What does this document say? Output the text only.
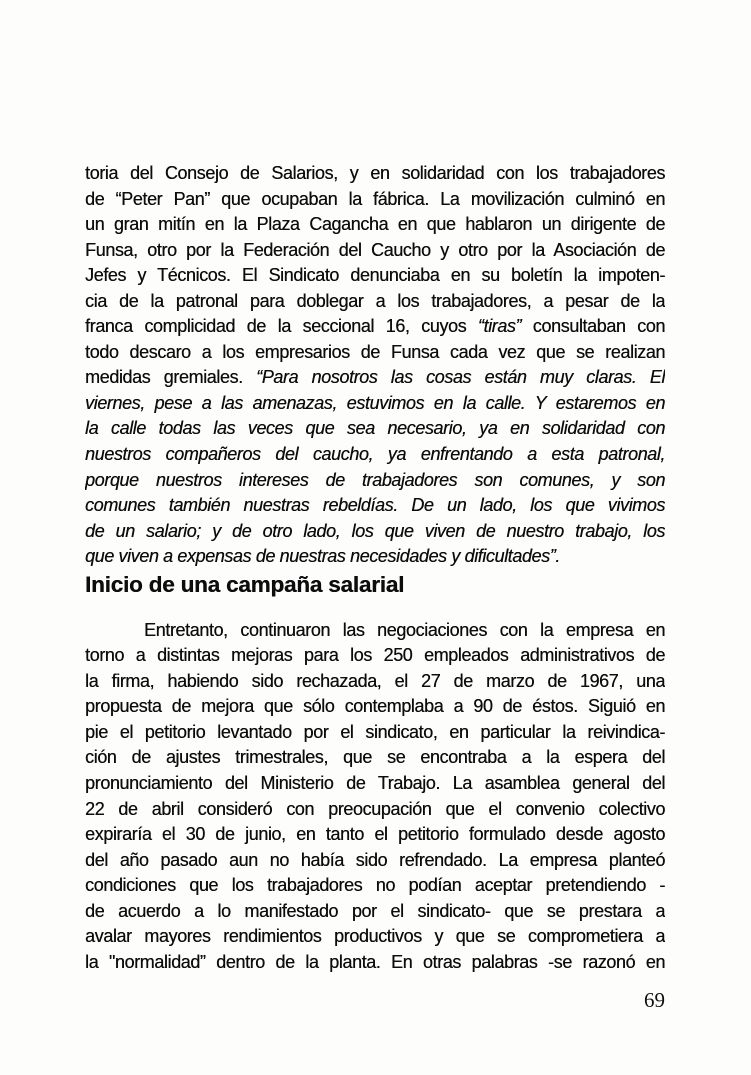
toria del Consejo de Salarios, y en solidaridad con los trabajadores
de “Peter Pan” que ocupaban la fábrica. La movilización culminó en
un gran mitín en la Plaza Cagancha en que hablaron un dirigente de
Funsa, otro por la Federación del Caucho y otro por la Asociación de
Jefes y Técnicos. El Sindicato denunciaba en su boletín la impoten-
cia de la patronal para doblegar a los trabajadores, a pesar de la
franca complicidad de la seccional 16, cuyos “tiras” consultaban con
todo descaro a los empresarios de Funsa cada vez que se realizan
medidas gremiales. “Para nosotros las cosas están muy claras. El
viernes, pese a las amenazas, estuvimos en la calle. Y estaremos en
la calle todas las veces que sea necesario, ya en solidaridad con
nuestros compañeros del caucho, ya enfrentando a esta patronal,
porque nuestros intereses de trabajadores son comunes, y son
comunes también nuestras rebeldías. De un lado, los que vivimos
de un salario; y de otro lado, los que viven de nuestro trabajo, los
que viven a expensas de nuestras necesidades y dificultades”.
Inicio de una campaña salarial
Entretanto, continuaron las negociaciones con la empresa en
torno a distintas mejoras para los 250 empleados administrativos de
la firma, habiendo sido rechazada, el 27 de marzo de 1967, una
propuesta de mejora que sólo contemplaba a 90 de éstos. Siguió en
pie el petitorio levantado por el sindicato, en particular la reivindica-
ción de ajustes trimestrales, que se encontraba a la espera del
pronunciamiento del Ministerio de Trabajo. La asamblea general del
22 de abril consideró con preocupación que el convenio colectivo
expiraría el 30 de junio, en tanto el petitorio formulado desde agosto
del año pasado aun no había sido refrendado. La empresa planteó
condiciones que los trabajadores no podían aceptar pretendiendo -
de acuerdo a lo manifestado por el sindicato- que se prestara a
avalar mayores rendimientos productivos y que se comprometiera a
la "normalidad” dentro de la planta. En otras palabras -se razonó en
69
